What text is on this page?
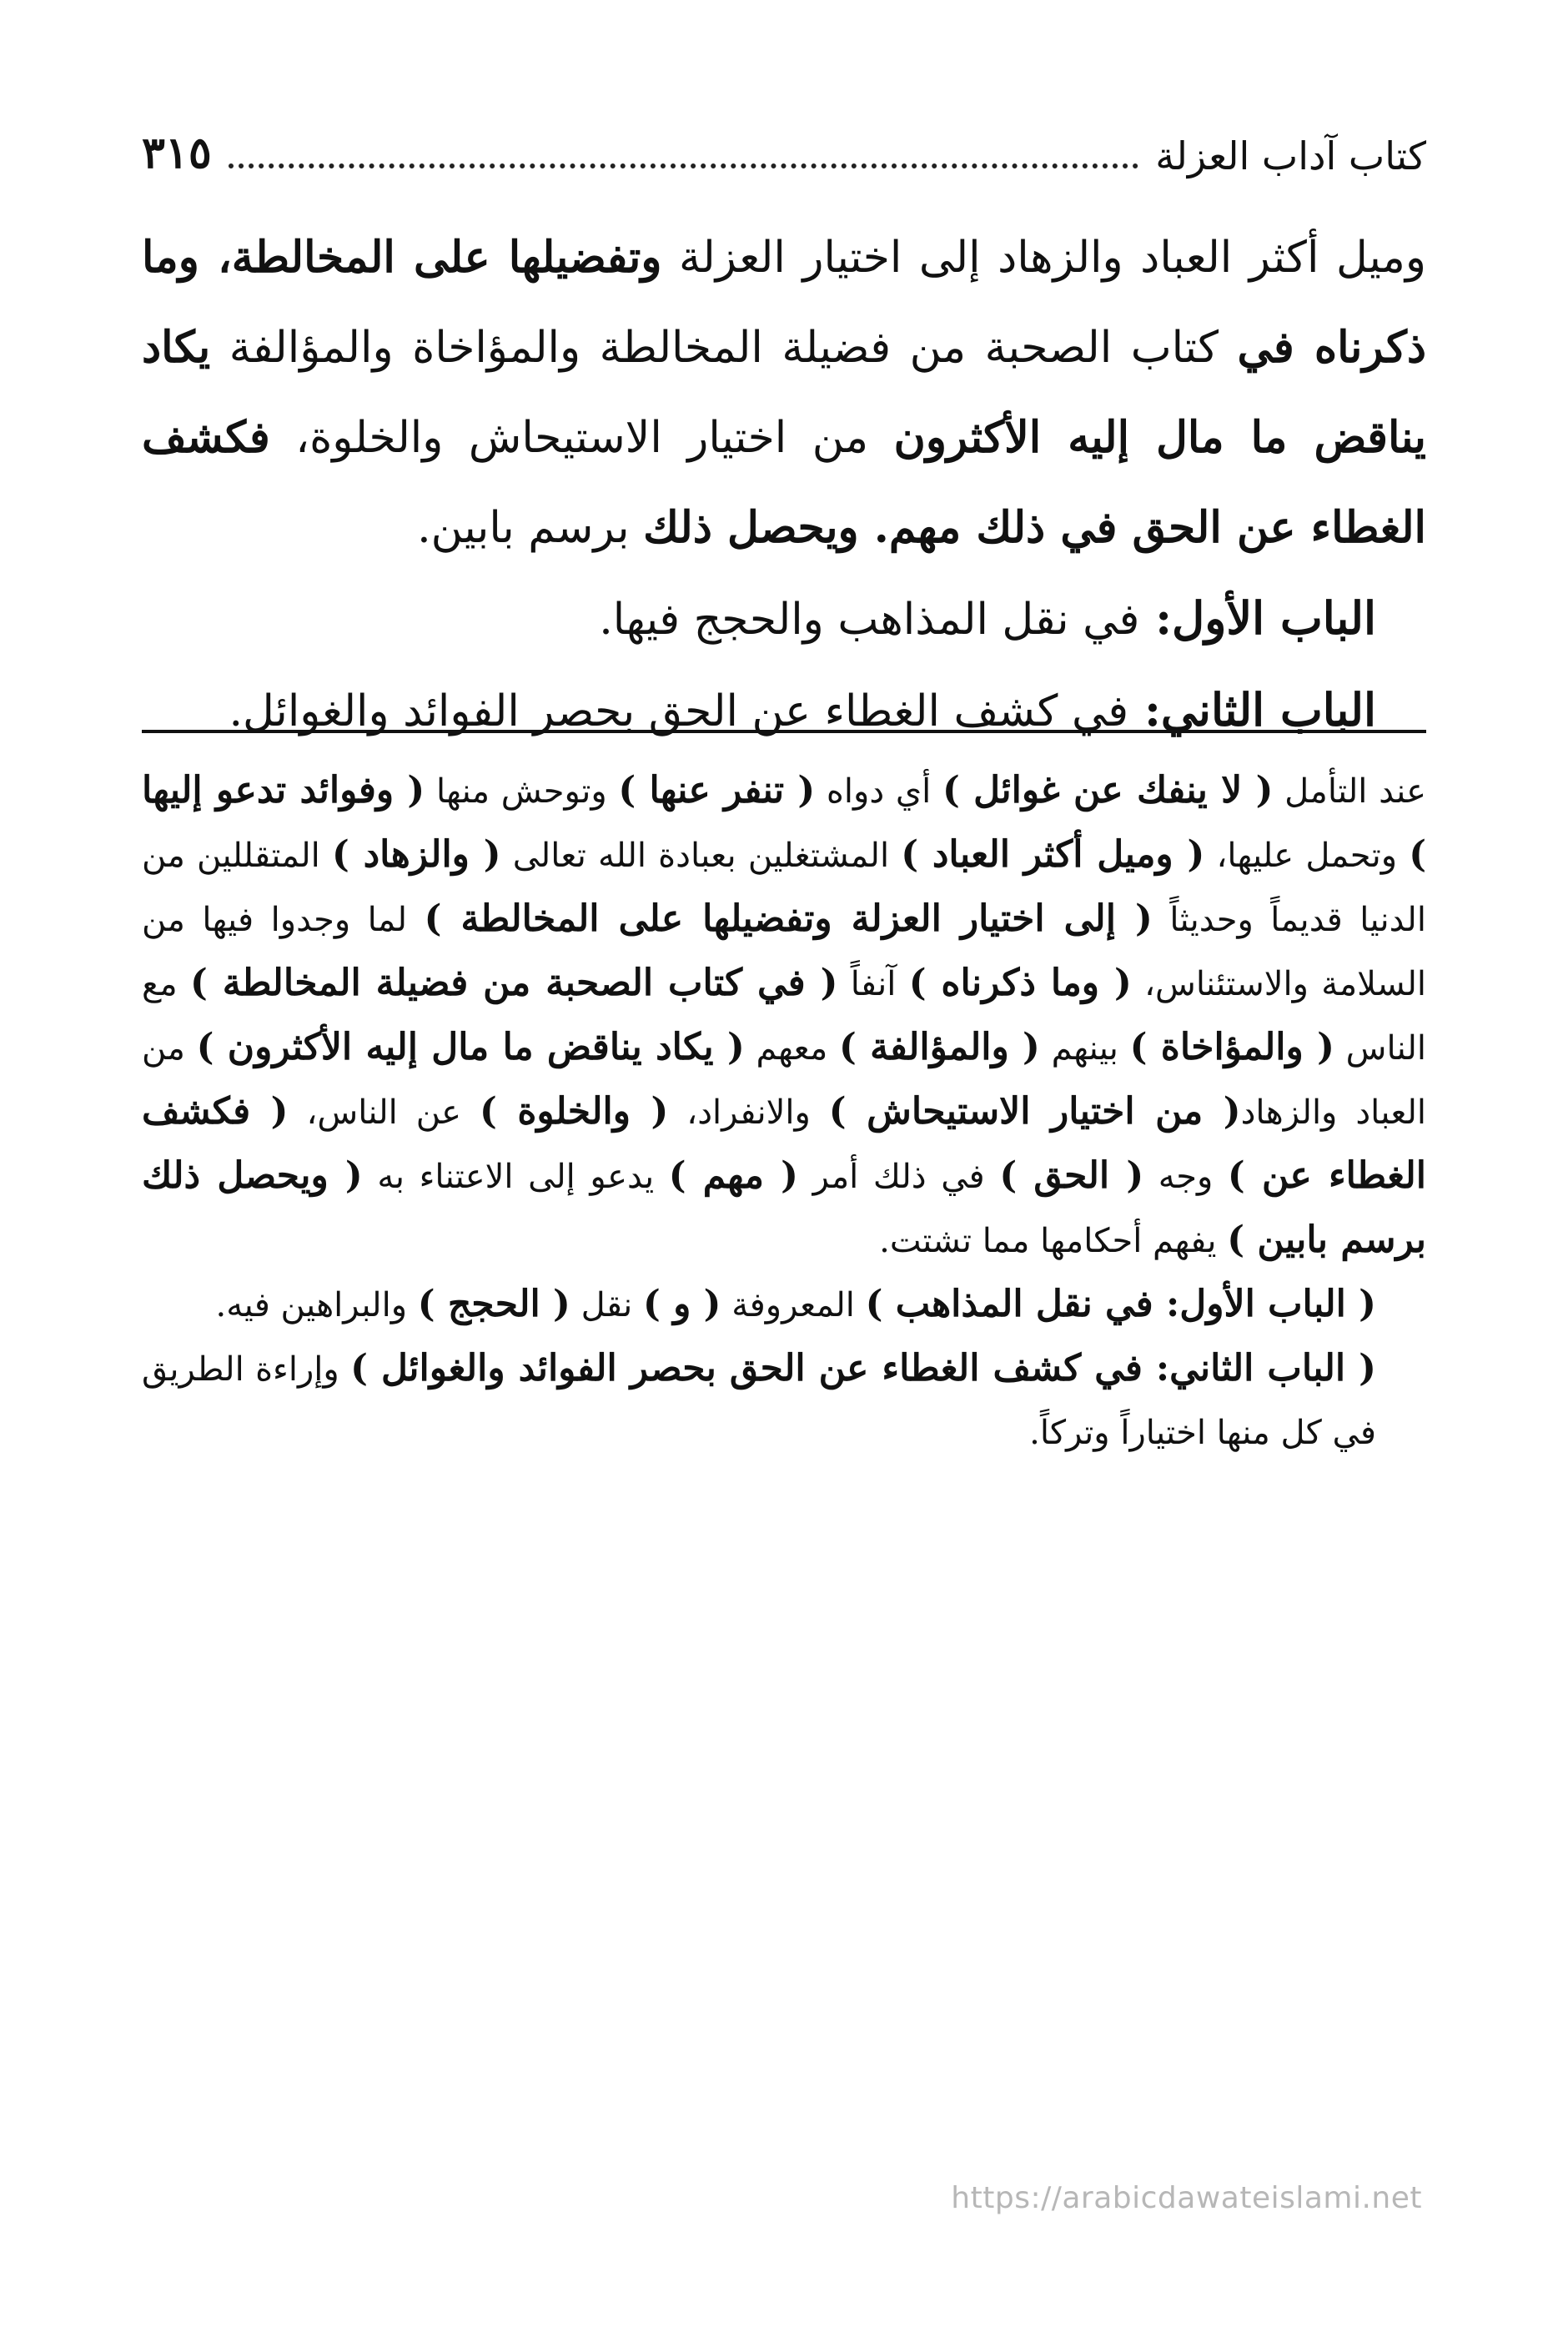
كتاب آداب العزلة
٣١٥

وميل أكثر العباد والزهاد إلى اختيار العزلة وتفضيلها على المخالطة، وما ذكرناه في كتاب الصحبة من فضيلة المخالطة والمؤاخاة والمؤالفة يكاد يناقض ما مال إليه الأكثرون من اختيار الاستيحاش والخلوة، فكشف الغطاء عن الحق في ذلك مهم. ويحصل ذلك برسم بابين.

الباب الأول: في نقل المذاهب والحجج فيها.

الباب الثاني: في كشف الغطاء عن الحق بحصر الفوائد والغوائل.

عند التأمل ( لا ينفك عن غوائل ) أي دواه ( تنفر عنها ) وتوحش منها ( وفوائد تدعو إليها ) وتحمل عليها، ( وميل أكثر العباد ) المشتغلين بعبادة الله تعالى ( والزهاد ) المتقللين من الدنيا قديماً وحديثاً ( إلى اختيار العزلة وتفضيلها على المخالطة ) لما وجدوا فيها من السلامة والاستئناس، ( وما ذكرناه ) آنفاً ( في كتاب الصحبة من فضيلة المخالطة ) مع الناس ( والمؤاخاة ) بينهم ( والمؤالفة ) معهم ( يكاد يناقض ما مال إليه الأكثرون ) من العباد والزهاد( من اختيار الاستيحاش ) والانفراد، ( والخلوة ) عن الناس، ( فكشف الغطاء عن ) وجه ( الحق ) في ذلك أمر ( مهم ) يدعو إلى الاعتناء به ( ويحصل ذلك برسم بابين ) يفهم أحكامها مما تشتت.

( الباب الأول: في نقل المذاهب ) المعروفة ( و ) نقل ( الحجج ) والبراهين فيه.

( الباب الثاني: في كشف الغطاء عن الحق بحصر الفوائد والغوائل ) وإراءة الطريق في كل منها اختياراً وتركاً.

https://arabicdawateislami.net
